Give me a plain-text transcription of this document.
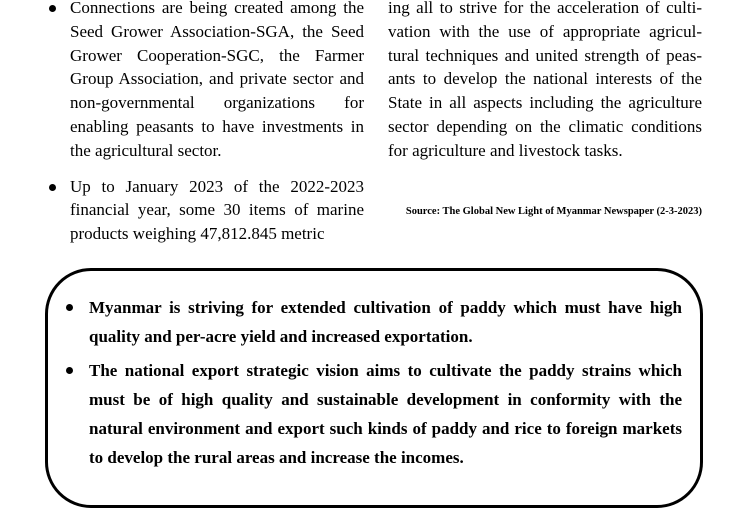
Connections are being created among the Seed Grower Association-SGA, the Seed Grower Cooperation-SGC, the Farmer Group Association, and private sector and non-governmental organizations for enabling peasants to have investments in the agricultural sector.
Up to January 2023 of the 2022-2023 financial year, some 30 items of marine products weighing 47,812.845 metric

ing all to strive for the acceleration of culti-vation with the use of appropriate agricul-tural techniques and united strength of peas-ants to develop the national interests of the State in all aspects including the agriculture sector depending on the climatic conditions for agriculture and livestock tasks.

Source: The Global New Light of Myanmar Newspaper (2-3-2023)
Myanmar is striving for extended cultivation of paddy which must have high quality and per-acre yield and increased exportation.
The national export strategic vision aims to cultivate the paddy strains which must be of high quality and sustainable development in conformity with the natural environment and export such kinds of paddy and rice to foreign markets to develop the rural areas and increase the incomes.
